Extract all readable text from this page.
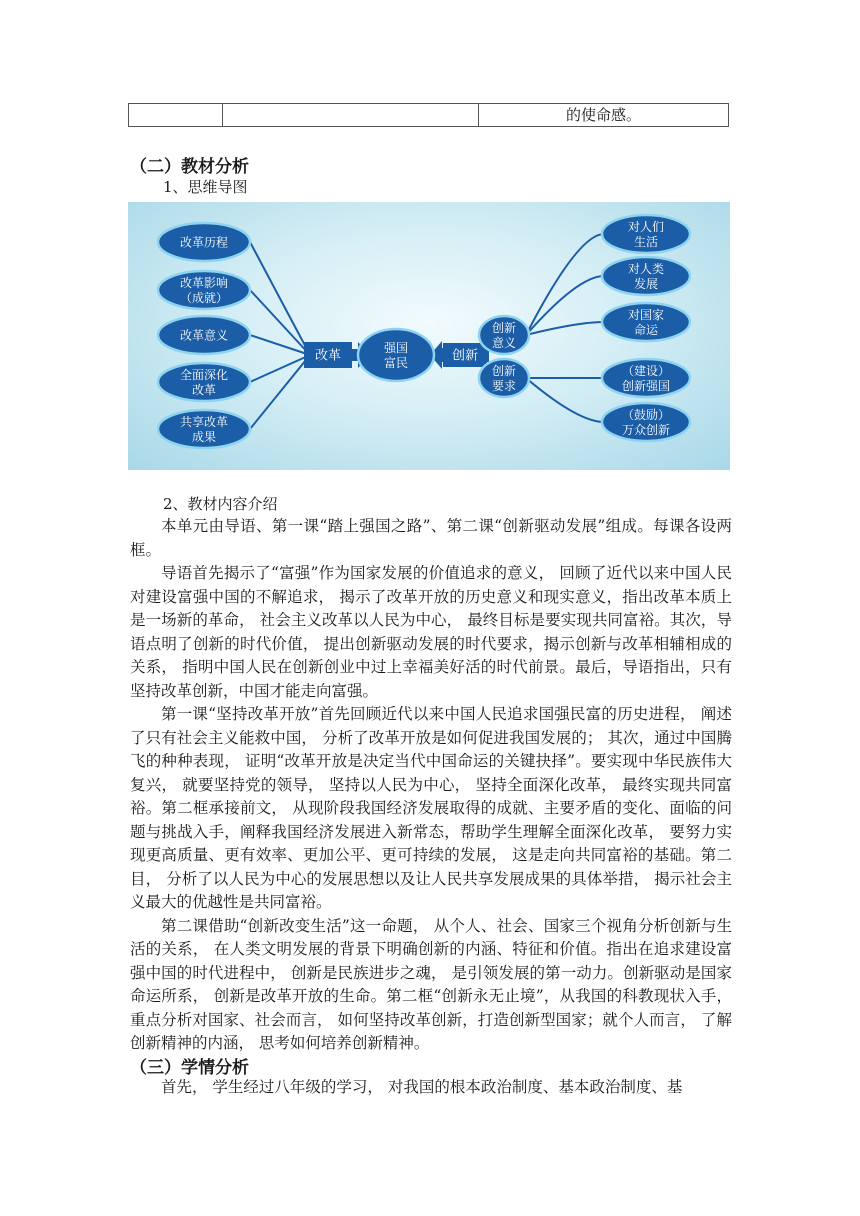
的使命感。
（二）教材分析
1、思维导图
改革历程
改革影响
（成就）
改革意义
全面深化
改革
共享改革
成果
改革
强国
富民	创新
创新
意义
创新
要求
对人们
生活
对人类
发展
对国家
命运
（建设）
创新强国
（鼓励）
万众创新
2、教材内容介绍

本单元由导语、第一课“踏上强国之路”、第二课“创新驱动发展”组成。每课各设两框。

导语首先揭示了“富强”作为国家发展的价值追求的意义， 回顾了近代以来中国人民对建设富强中国的不解追求， 揭示了改革开放的历史意义和现实意义，指出改革本质上是一场新的革命， 社会主义改革以人民为中心， 最终目标是要实现共同富裕。其次，导语点明了创新的时代价值， 提出创新驱动发展的时代要求，揭示创新与改革相辅相成的关系， 指明中国人民在创新创业中过上幸福美好活的时代前景。最后，导语指出，只有坚持改革创新，中国才能走向富强。

第一课“坚持改革开放”首先回顾近代以来中国人民追求国强民富的历史进程， 阐述了只有社会主义能救中国， 分析了改革开放是如何促进我国发展的； 其次，通过中国腾飞的种种表现， 证明“改革开放是决定当代中国命运的关键抉择”。要实现中华民族伟大复兴， 就要坚持党的领导， 坚持以人民为中心， 坚持全面深化改革， 最终实现共同富裕。第二框承接前文， 从现阶段我国经济发展取得的成就、主要矛盾的变化、面临的问题与挑战入手，阐释我国经济发展进入新常态，帮助学生理解全面深化改革， 要努力实现更高质量、更有效率、更加公平、更可持续的发展， 这是走向共同富裕的基础。第二目， 分析了以人民为中心的发展思想以及让人民共享发展成果的具体举措， 揭示社会主义最大的优越性是共同富裕。

第二课借助“创新改变生活”这一命题， 从个人、社会、国家三个视角分析创新与生活的关系， 在人类文明发展的背景下明确创新的内涵、特征和价值。指出在追求建设富强中国的时代进程中， 创新是民族进步之魂， 是引领发展的第一动力。创新驱动是国家命运所系， 创新是改革开放的生命。第二框“创新永无止境”，从我国的科教现状入手， 重点分析对国家、社会而言， 如何坚持改革创新，打造创新型国家；就个人而言， 了解创新精神的内涵， 思考如何培养创新精神。

（三）学情分析

首先， 学生经过八年级的学习， 对我国的根本政治制度、基本政治制度、基
